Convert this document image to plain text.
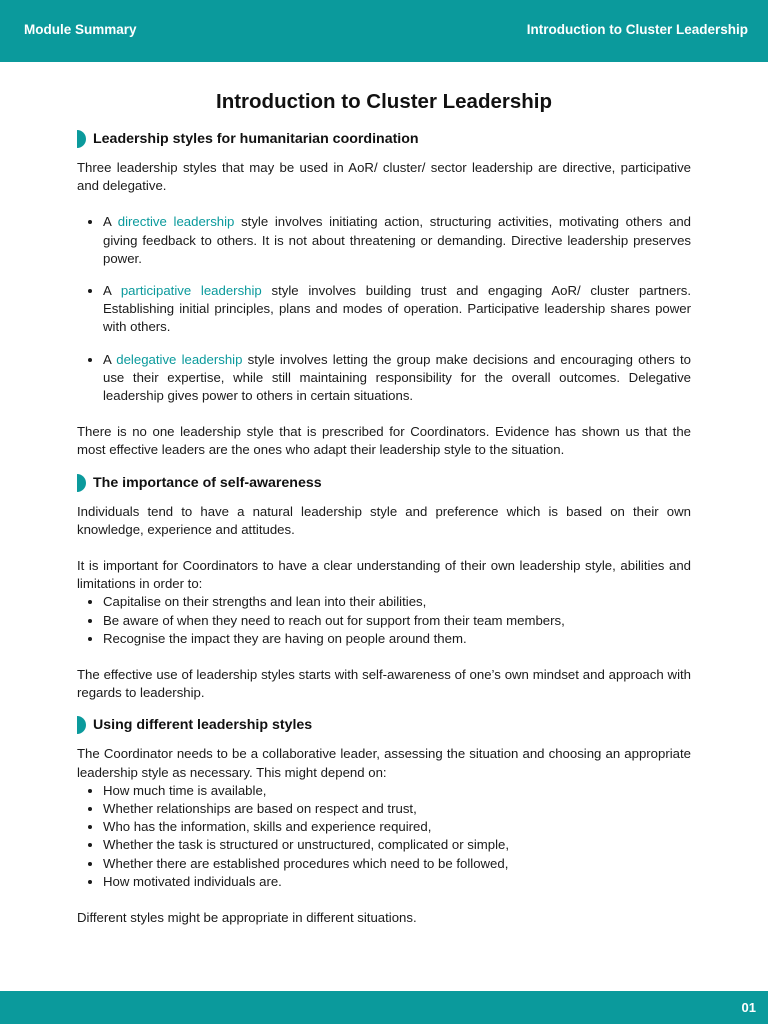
Module Summary	Introduction to Cluster Leadership
Introduction to Cluster Leadership
Leadership styles for humanitarian coordination

Three leadership styles that may be used in AoR/ cluster/ sector leadership are directive, participative and delegative.

• A directive leadership style involves initiating action, structuring activities, motivating others and giving feedback to others. It is not about threatening or demanding. Directive leadership preserves power.
• A participative leadership style involves building trust and engaging AoR/ cluster partners. Establishing initial principles, plans and modes of operation. Participative leadership shares power with others.
• A delegative leadership style involves letting the group make decisions and encouraging others to use their expertise, while still maintaining responsibility for the overall outcomes. Delegative leadership gives power to others in certain situations.

There is no one leadership style that is prescribed for Coordinators. Evidence has shown us that the most effective leaders are the ones who adapt their leadership style to the situation.

The importance of self-awareness

Individuals tend to have a natural leadership style and preference which is based on their own knowledge, experience and attitudes.

It is important for Coordinators to have a clear understanding of their own leadership style, abilities and limitations in order to:

• Capitalise on their strengths and lean into their abilities,
• Be aware of when they need to reach out for support from their team members,
• Recognise the impact they are having on people around them.

The effective use of leadership styles starts with self-awareness of one’s own mindset and approach with regards to leadership.

Using different leadership styles

The Coordinator needs to be a collaborative leader, assessing the situation and choosing an appropriate leadership style as necessary. This might depend on:

• How much time is available,
• Whether relationships are based on respect and trust,
• Who has the information, skills and experience required,
• Whether the task is structured or unstructured, complicated or simple,
• Whether there are established procedures which need to be followed,
• How motivated individuals are.

Different styles might be appropriate in different situations.

01
